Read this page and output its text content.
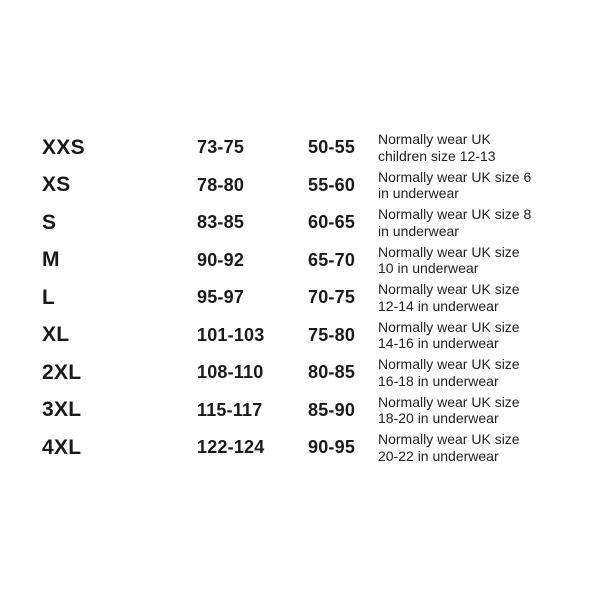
XXS	73-75	50-55	Normally wear UK
children size 12-13
XS	78-80	55-60	Normally wear UK size 6
in underwear
S	83-85	60-65	Normally wear UK size 8
in underwear
M	90-92	65-70	Normally wear UK size
10 in underwear
L	95-97	70-75	Normally wear UK size
12-14 in underwear
XL	101-103	75-80	Normally wear UK size
14-16 in underwear
2XL	108-110	80-85	Normally wear UK size
16-18 in underwear
3XL	115-117	85-90	Normally wear UK size
18-20 in underwear
4XL	122-124	90-95	Normally wear UK size
20-22 in underwear
